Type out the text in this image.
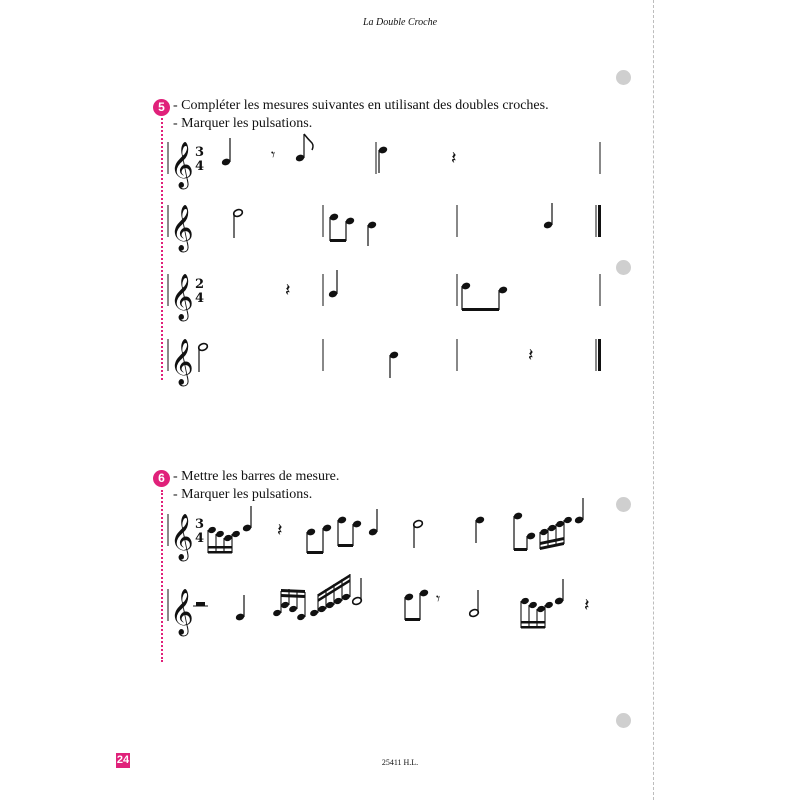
La Double Croche
5 - Compléter les mesures suivantes en utilisant des doubles croches.
- Marquer les pulsations.
6 - Mettre les barres de mesure.
- Marquer les pulsations.
24	25411 H.L.
𝄞 3
4
𝄾	𝄽
𝄞
𝄞 2
4	𝄽
𝄞	𝄽
𝄞 3
4	𝄽
𝄞	𝄾	𝄽
